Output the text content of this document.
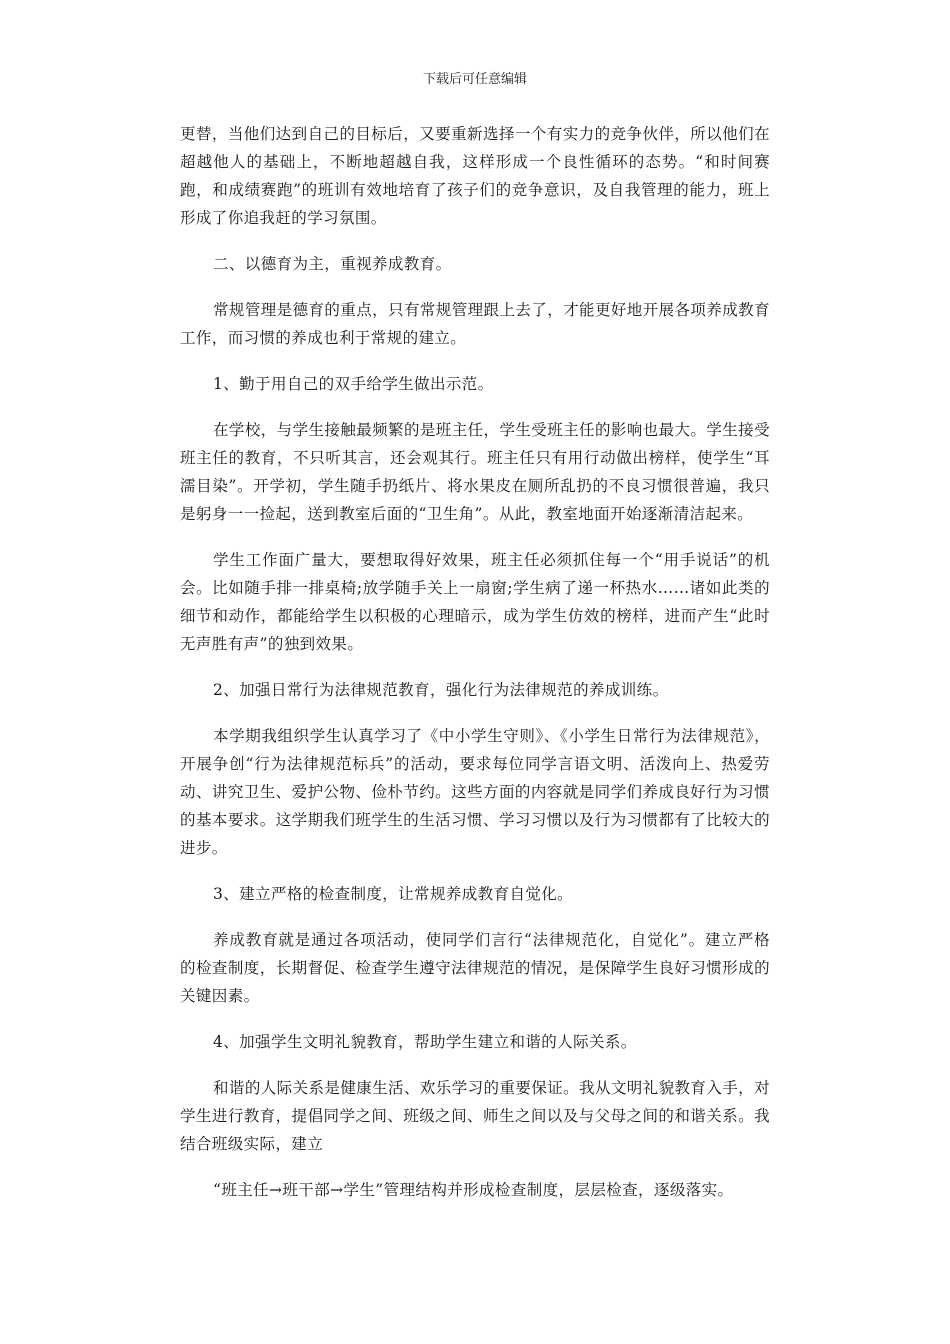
下载后可任意编辑

更替，当他们达到自己的目标后，又要重新选择一个有实力的竞争伙伴，所以他们在超越他人的基础上，不断地超越自我，这样形成一个良性循环的态势。“和时间赛跑，和成绩赛跑”的班训有效地培育了孩子们的竞争意识，及自我管理的能力，班上形成了你追我赶的学习氛围。

二、以德育为主，重视养成教育。

常规管理是德育的重点，只有常规管理跟上去了，才能更好地开展各项养成教育工作，而习惯的养成也利于常规的建立。

1、勤于用自己的双手给学生做出示范。

在学校，与学生接触最频繁的是班主任，学生受班主任的影响也最大。学生接受班主任的教育，不只听其言，还会观其行。班主任只有用行动做出榜样，使学生“耳濡目染”。开学初，学生随手扔纸片、将水果皮在厕所乱扔的不良习惯很普遍，我只是躬身一一捡起，送到教室后面的“卫生角”。从此，教室地面开始逐渐清洁起来。

学生工作面广量大，要想取得好效果，班主任必须抓住每一个“用手说话”的机会。比如随手排一排桌椅;放学随手关上一扇窗;学生病了递一杯热水……诸如此类的细节和动作，都能给学生以积极的心理暗示，成为学生仿效的榜样，进而产生“此时无声胜有声”的独到效果。

2、加强日常行为法律规范教育，强化行为法律规范的养成训练。

本学期我组织学生认真学习了《中小学生守则》、《小学生日常行为法律规范》，开展争创“行为法律规范标兵”的活动，要求每位同学言语文明、活泼向上、热爱劳动、讲究卫生、爱护公物、俭朴节约。这些方面的内容就是同学们养成良好行为习惯的基本要求。这学期我们班学生的生活习惯、学习习惯以及行为习惯都有了比较大的进步。

3、建立严格的检查制度，让常规养成教育自觉化。

养成教育就是通过各项活动，使同学们言行“法律规范化，自觉化”。建立严格的检查制度，长期督促、检查学生遵守法律规范的情况，是保障学生良好习惯形成的关键因素。

4、加强学生文明礼貌教育，帮助学生建立和谐的人际关系。

和谐的人际关系是健康生活、欢乐学习的重要保证。我从文明礼貌教育入手，对学生进行教育，提倡同学之间、班级之间、师生之间以及与父母之间的和谐关系。我结合班级实际，建立

“班主任→班干部→学生”管理结构并形成检查制度，层层检查，逐级落实。
